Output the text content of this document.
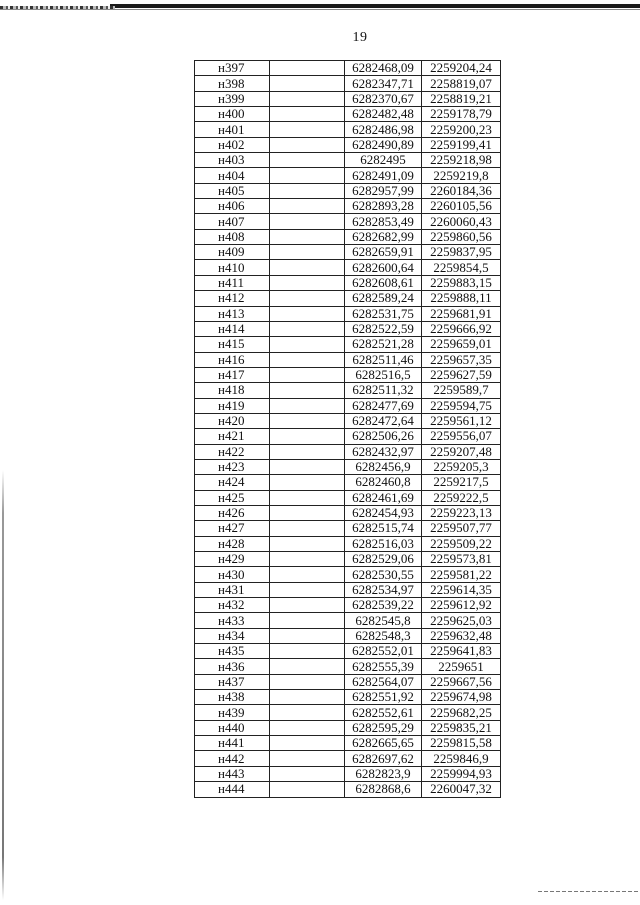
19
н397		6282468,09	2259204,24
н398		6282347,71	2258819,07
н399		6282370,67	2258819,21
н400		6282482,48	2259178,79
н401		6282486,98	2259200,23
н402		6282490,89	2259199,41
н403		6282495	2259218,98
н404		6282491,09	2259219,8
н405		6282957,99	2260184,36
н406		6282893,28	2260105,56
н407		6282853,49	2260060,43
н408		6282682,99	2259860,56
н409		6282659,91	2259837,95
н410		6282600,64	2259854,5
н411		6282608,61	2259883,15
н412		6282589,24	2259888,11
н413		6282531,75	2259681,91
н414		6282522,59	2259666,92
н415		6282521,28	2259659,01
н416		6282511,46	2259657,35
н417		6282516,5	2259627,59
н418		6282511,32	2259589,7
н419		6282477,69	2259594,75
н420		6282472,64	2259561,12
н421		6282506,26	2259556,07
н422		6282432,97	2259207,48
н423		6282456,9	2259205,3
н424		6282460,8	2259217,5
н425		6282461,69	2259222,5
н426		6282454,93	2259223,13
н427		6282515,74	2259507,77
н428		6282516,03	2259509,22
н429		6282529,06	2259573,81
н430		6282530,55	2259581,22
н431		6282534,97	2259614,35
н432		6282539,22	2259612,92
н433		6282545,8	2259625,03
н434		6282548,3	2259632,48
н435		6282552,01	2259641,83
н436		6282555,39	2259651
н437		6282564,07	2259667,56
н438		6282551,92	2259674,98
н439		6282552,61	2259682,25
н440		6282595,29	2259835,21
н441		6282665,65	2259815,58
н442		6282697,62	2259846,9
н443		6282823,9	2259994,93
н444		6282868,6	2260047,32
